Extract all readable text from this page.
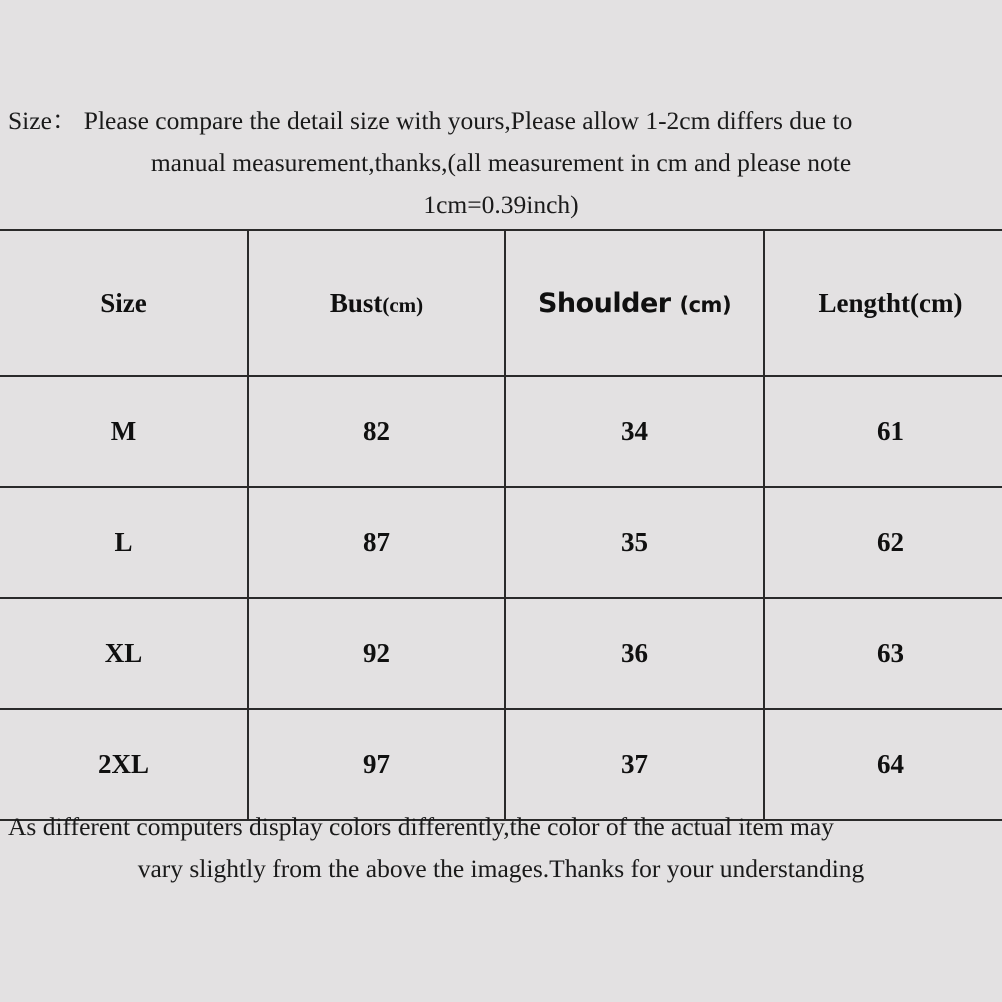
Size： Please compare the detail size with yours,Please allow 1-2cm differs due to
manual measurement,thanks,(all measurement in cm and please note
1cm=0.39inch)
Size	Bust(cm)	Shoulder (cm)	Lengtht(cm)
M	82	34	61
L	87	35	62
XL	92	36	63
2XL	97	37	64
As different computers display colors differently,the color of the actual item may
vary slightly from the above the images.Thanks for your understanding
